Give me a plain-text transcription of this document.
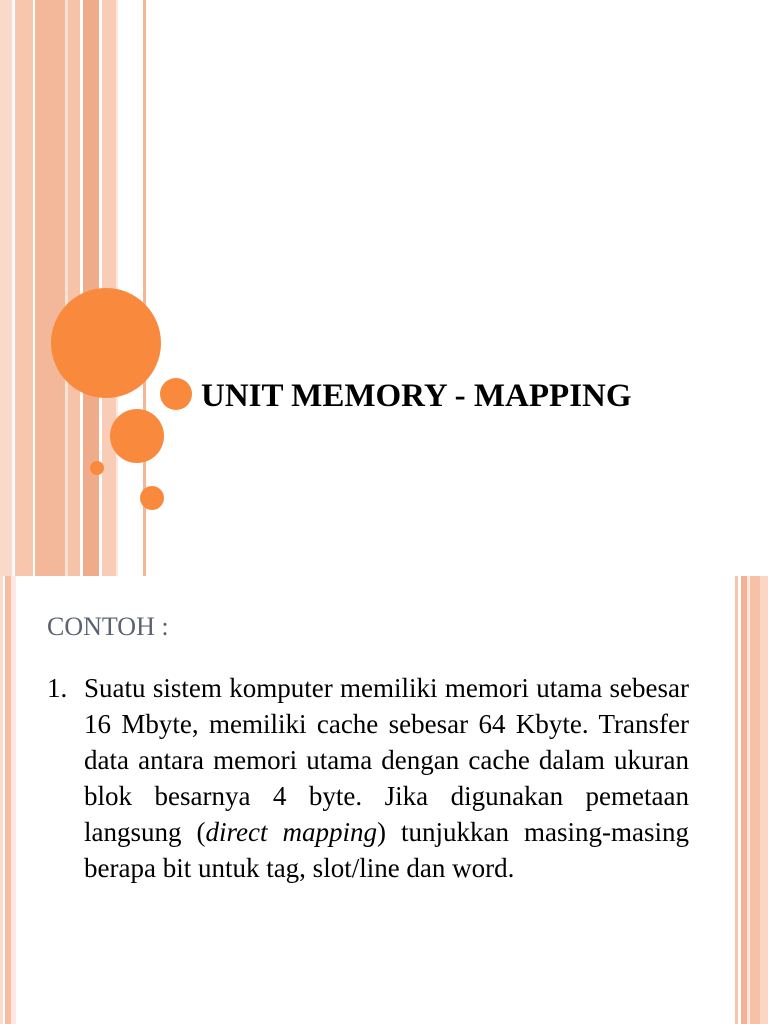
UNIT MEMORY - MAPPING
CONTOH :
1. Suatu sistem komputer memiliki memori utama sebesar 16 Mbyte, memiliki cache sebesar 64 Kbyte. Transfer data antara memori utama dengan cache dalam ukuran blok besarnya 4 byte. Jika digunakan pemetaan langsung (direct mapping) tunjukkan masing-masing berapa bit untuk tag, slot/line dan word.
